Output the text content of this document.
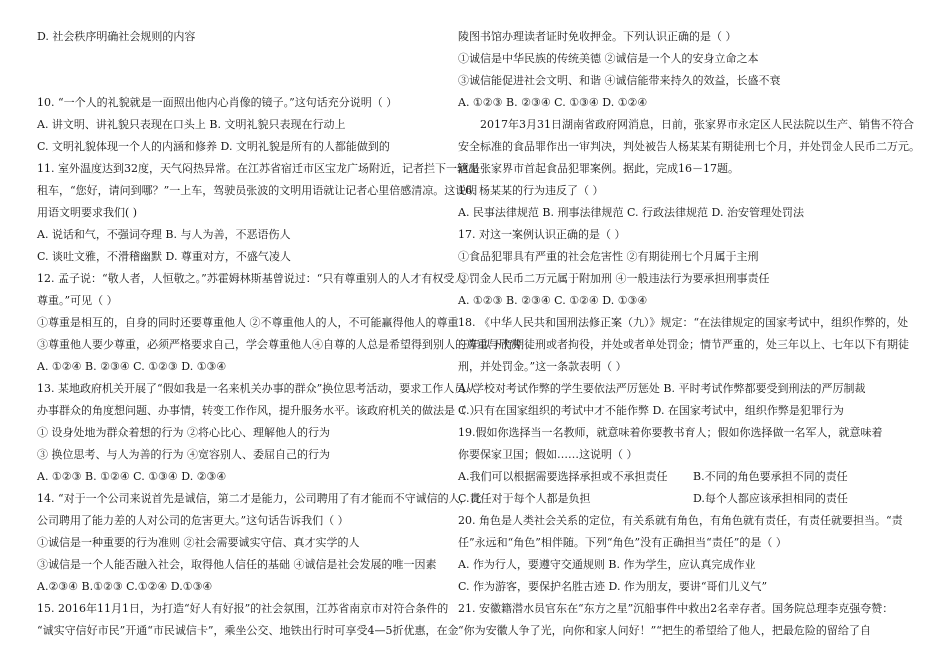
D. 社会秩序明确社会规则的内容
10. “一个人的礼貌就是一面照出他内心肖像的镜子。”这句话充分说明（ ）
A. 讲文明、讲礼貌只表现在口头上 B. 文明礼貌只表现在行动上
C. 文明礼貌体现一个人的内涵和修养 D. 文明礼貌是所有的人都能做到的
11. 室外温度达到32度，天气闷热异常。在江苏省宿迁市区宝龙广场附近，记者拦下一辆出
租车，“您好，请问到哪？”一上车，驾驶员张波的文明用语就让记者心里倍感清凉。这说明
用语文明要求我们( )
A. 说话和气，不强词夺理 B. 与人为善，不恶语伤人
C. 谈吐文雅，不滑稽幽默 D. 尊重对方，不盛气凌人
12. 孟子说：“敬人者，人恒敬之。”苏霍姆林斯基曾说过：“只有尊重别人的人才有权受人
尊重。”可见（ ）
①尊重是相互的，自身的同时还要尊重他人 ②不尊重他人的人，不可能赢得他人的尊重
③尊重他人要少尊重，必须严格要求自己，学会尊重他人④自尊的人总是希望得到别人的尊重与欣赏
A. ①②④ B. ②③④ C. ①②③ D. ①③④
13. 某地政府机关开展了“假如我是一名来机关办事的群众”换位思考活动，要求工作人员从
办事群众的角度想问题、办事情，转变工作作风，提升服务水平。该政府机关的做法是（ ）
① 设身处地为群众着想的行为 ②将心比心、理解他人的行为
③ 换位思考、与人为善的行为 ④宽容别人、委屈自己的行为
A. ①②③ B. ①②④ C. ①③④ D. ②③④
14. “对于一个公司来说首先是诚信，第二才是能力，公司聘用了有才能而不守诚信的人，比
公司聘用了能力差的人对公司的危害更大。”这句话告诉我们（ ）
①诚信是一种重要的行为准则 ②社会需要诚实守信、真才实学的人
③诚信是一个人能否融入社会，取得他人信任的基础 ④诚信是社会发展的唯一因素
A.②③④ B.①②③ C.①②④ D.①③④
15. 2016年11月1日，为打造“好人有好报”的社会氛围，江苏省南京市对符合条件的
“诚实守信好市民”开通“市民诚信卡”，乘坐公交、地铁出行时可享受4—5折优惠，在金
陵图书馆办理读者证时免收押金。下列认识正确的是（ ）
①诚信是中华民族的传统美德 ②诚信是一个人的安身立命之本
③诚信能促进社会文明、和谐 ④诚信能带来持久的效益，长盛不衰
A. ①②③ B. ②③④ C. ①③④ D. ①②④
2017年3月31日湖南省政府网消息，日前，张家界市永定区人民法院以生产、销售不符合
安全标准的食品罪作出一审判决，判处被告人杨某某有期徒刑七个月，并处罚金人民币二万元。
这是张家界市首起食品犯罪案例。据此，完成16－17题。
16. 杨某某的行为违反了（ ）
A. 民事法律规范 B. 刑事法律规范 C. 行政法律规范 D. 治安管理处罚法
17. 对这一案例认识正确的是（ ）
①食品犯罪具有严重的社会危害性 ②有期徒刑七个月属于主刑
③罚金人民币二万元属于附加刑 ④一般违法行为要承担刑事责任
A. ①②③ B. ②③④ C. ①②④ D. ①③④
18. 《中华人民共和国刑法修正案（九）》规定：“在法律规定的国家考试中，组织作弊的，处
三年以下有期徒刑或者拘役，并处或者单处罚金；情节严重的，处三年以上、七年以下有期徒
刑，并处罚金。”这一条款表明（ ）
A. 学校对考试作弊的学生要依法严厉惩处 B. 平时考试作弊都要受到刑法的严厉制裁
C. 只有在国家组织的考试中才不能作弊 D. 在国家考试中，组织作弊是犯罪行为
19.假如你选择当一名教师，就意味着你要教书育人；假如你选择做一名军人，就意味着
你要保家卫国；假如……这说明（ ）
A.我们可以根据需要选择承担或不承担责任 B.不同的角色要承担不同的责任
C.责任对于每个人都是负担	D.每个人都应该承担相同的责任
20. 角色是人类社会关系的定位，有关系就有角色，有角色就有责任，有责任就要担当。“责
任”永远和“角色”相伴随。下列“角色”没有正确担当“责任”的是（ ）
A. 作为行人，要遵守交通规则 B. 作为学生，应认真完成作业
C. 作为游客，要保护名胜古迹 D. 作为朋友，要讲“哥们儿义气”
21. 安徽籍潜水员官东在“东方之星”沉船事件中救出2名幸存者。国务院总理李克强夸赞：
“你为安徽人争了光，向你和家人问好！”“把生的希望给了他人，把最危险的留给了自
